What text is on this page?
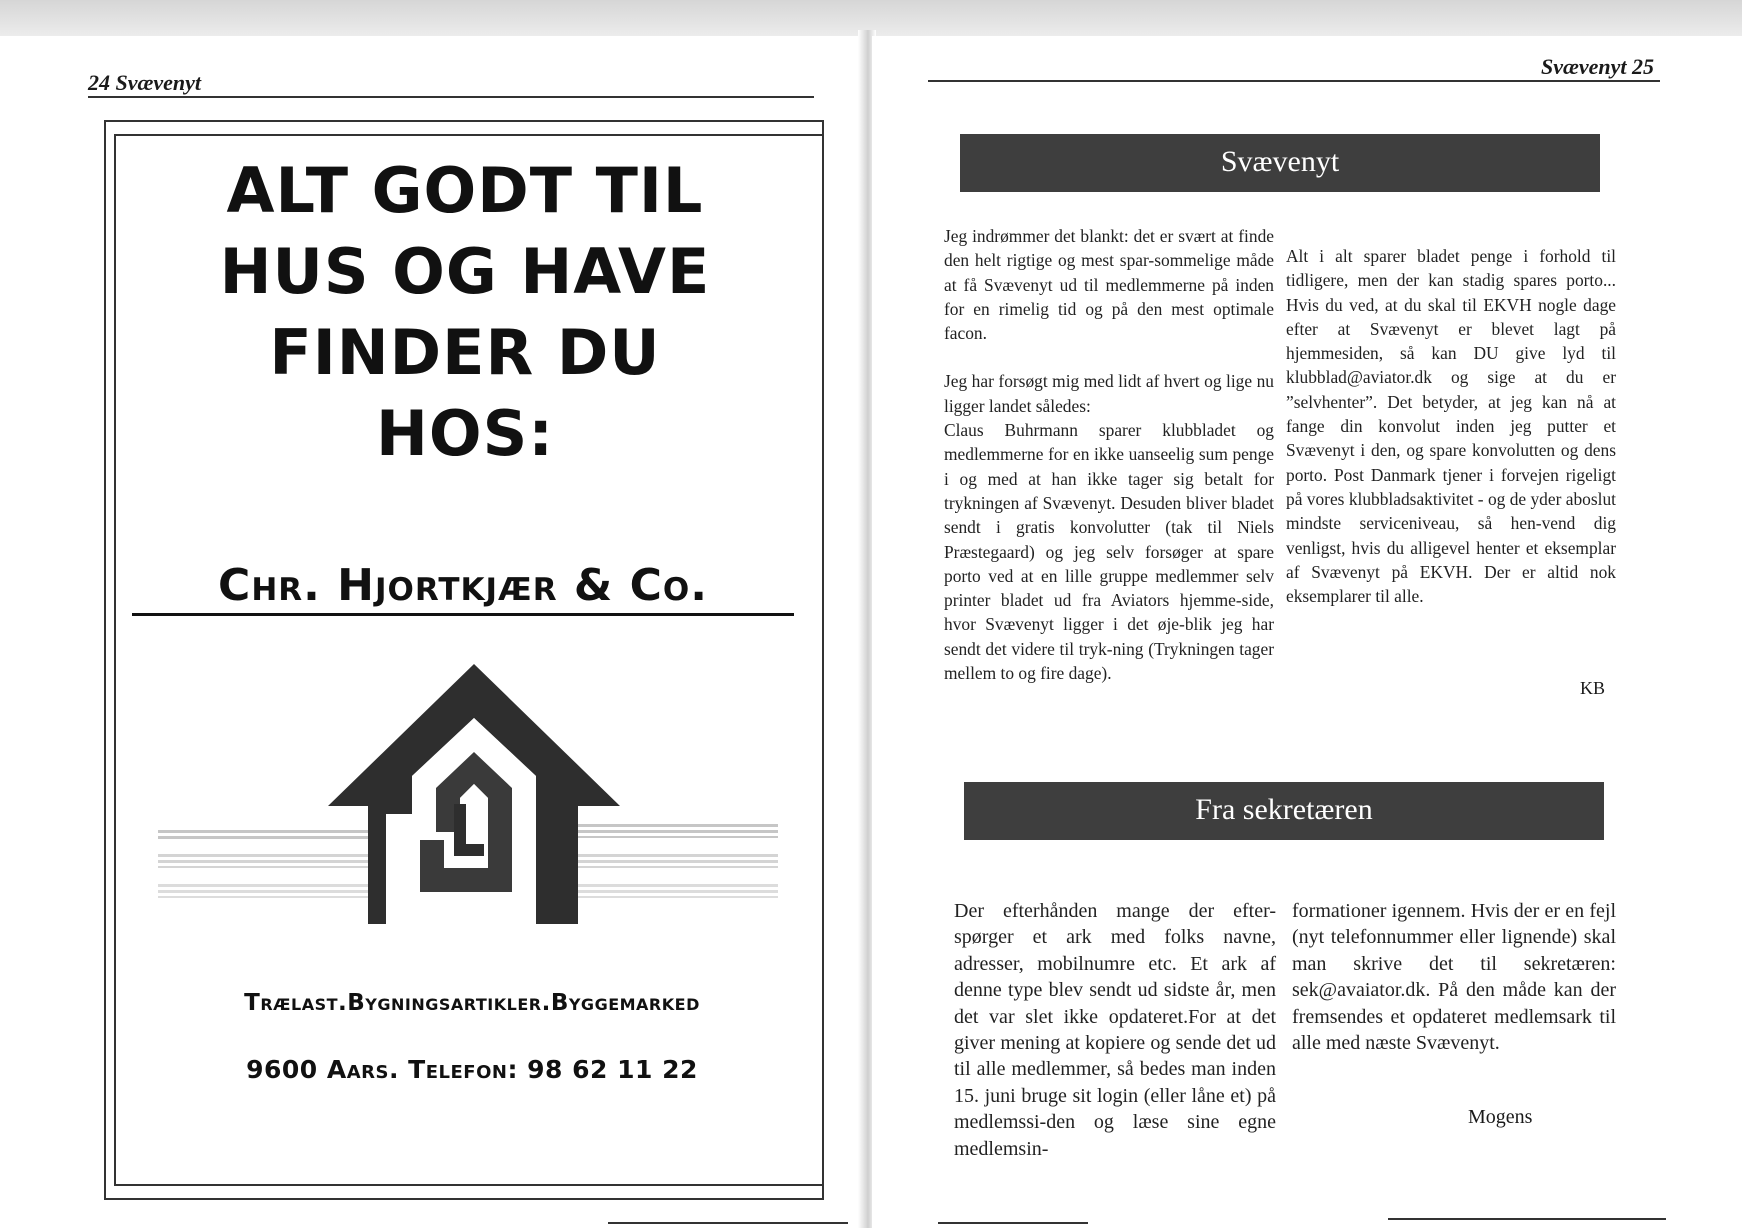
24 Svævenyt
ALT GODT TIL
HUS OG HAVE
FINDER DU
HOS:
Chr. Hjortkjær & Co.
Trælast.Bygningsartikler.Byggemarked
9600 Aars. Telefon: 98 62 11 22
Svævenyt 25
Svævenyt

Jeg indrømmer det blankt: det er svært at finde den helt rigtige og mest spar-sommelige måde at få Svævenyt ud til medlemmerne på inden for en rimelig tid og på den mest optimale facon.

Jeg har forsøgt mig med lidt af hvert og lige nu ligger landet således:

Claus Buhrmann sparer klubbladet og medlemmerne for en ikke uanseelig sum penge i og med at han ikke tager sig betalt for trykningen af Svævenyt. Desuden bliver bladet sendt i gratis konvolutter (tak til Niels Præstegaard) og jeg selv forsøger at spare porto ved at en lille gruppe medlemmer selv printer bladet ud fra Aviators hjemme-side, hvor Svævenyt ligger i det øje-blik jeg har sendt det videre til tryk-ning (Trykningen tager mellem to og fire dage).

Alt i alt sparer bladet penge i forhold til tidligere, men der kan stadig spares porto... Hvis du ved, at du skal til EKVH nogle dage efter at Svævenyt er blevet lagt på hjemmesiden, så kan DU give lyd til klubblad@aviator.dk og sige at du er ”selvhenter”. Det betyder, at jeg kan nå at fange din konvolut inden jeg putter et Svævenyt i den, og spare konvolutten og dens porto. Post Danmark tjener i forvejen rigeligt på vores klubbladsaktivitet - og de yder aboslut mindste serviceniveau, så hen-vend dig venligst, hvis du alligevel henter et eksemplar af Svævenyt på EKVH. Der er altid nok eksemplarer til alle.

KB
Fra sekretæren

Der efterhånden mange der efter-spørger et ark med folks navne, adresser, mobilnumre etc. Et ark af denne type blev sendt ud sidste år, men det var slet ikke opdateret.For at det giver mening at kopiere og sende det ud til alle medlemmer, så bedes man inden 15. juni bruge sit login (eller låne et) på medlemssi-den og læse sine egne medlemsin-

formationer igennem. Hvis der er en fejl (nyt telefonnummer eller lignende) skal man skrive det til sekretæren: sek@avaiator.dk. På den måde kan der fremsendes et opdateret medlemsark til alle med næste Svævenyt.

Mogens
